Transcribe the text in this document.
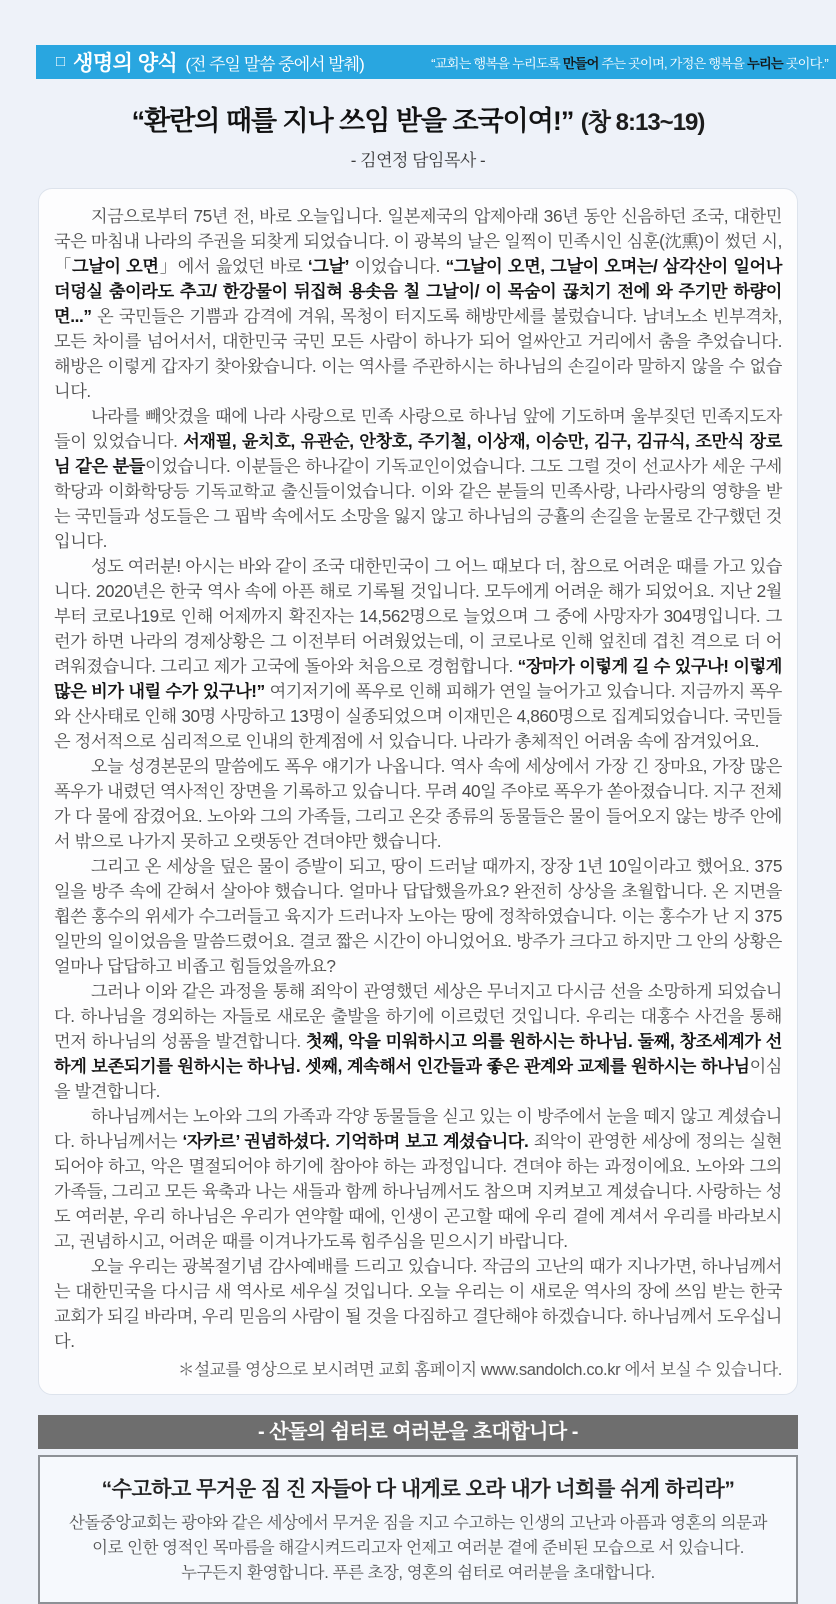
□ 생명의 양식 (전 주일 말씀 중에서 발췌)	“교회는 행복을 누리도록 만들어 주는 곳이며, 가정은 행복을 누리는 곳이다.”
“환란의 때를 지나 쓰임 받을 조국이여!” (창 8:13~19)
- 김연정 담임목사 -

지금으로부터 75년 전, 바로 오늘입니다. 일본제국의 압제아래 36년 동안 신음하던 조국, 대한민국은 마침내 나라의 주권을 되찾게 되었습니다. 이 광복의 날은 일찍이 민족시인 심훈(沈熏)이 썼던 시, 「그날이 오면」에서 읊었던 바로 ‘그날’ 이었습니다. “그날이 오면, 그날이 오며는/ 삼각산이 일어나 더덩실 춤이라도 추고/ 한강물이 뒤집혀 용솟음 칠 그날이/ 이 목숨이 끊치기 전에 와 주기만 하량이면...” 온 국민들은 기쁨과 감격에 겨워, 목청이 터지도록 해방만세를 불렀습니다. 남녀노소 빈부격차, 모든 차이를 넘어서서, 대한민국 국민 모든 사람이 하나가 되어 얼싸안고 거리에서 춤을 추었습니다. 해방은 이렇게 갑자기 찾아왔습니다. 이는 역사를 주관하시는 하나님의 손길이라 말하지 않을 수 없습니다.

나라를 빼앗겼을 때에 나라 사랑으로 민족 사랑으로 하나님 앞에 기도하며 울부짖던 민족지도자들이 있었습니다. 서재필, 윤치호, 유관순, 안창호, 주기철, 이상재, 이승만, 김구, 김규식, 조만식 장로님 같은 분들이었습니다. 이분들은 하나같이 기독교인이었습니다. 그도 그럴 것이 선교사가 세운 구세학당과 이화학당등 기독교학교 출신들이었습니다. 이와 같은 분들의 민족사랑, 나라사랑의 영향을 받는 국민들과 성도들은 그 핍박 속에서도 소망을 잃지 않고 하나님의 긍휼의 손길을 눈물로 간구했던 것입니다.

성도 여러분! 아시는 바와 같이 조국 대한민국이 그 어느 때보다 더, 참으로 어려운 때를 가고 있습니다. 2020년은 한국 역사 속에 아픈 해로 기록될 것입니다. 모두에게 어려운 해가 되었어요. 지난 2월부터 코로나19로 인해 어제까지 확진자는 14,562명으로 늘었으며 그 중에 사망자가 304명입니다. 그런가 하면 나라의 경제상황은 그 이전부터 어려웠었는데, 이 코로나로 인해 엎친데 겹친 격으로 더 어려워졌습니다. 그리고 제가 고국에 돌아와 처음으로 경험합니다. “장마가 이렇게 길 수 있구나! 이렇게 많은 비가 내릴 수가 있구나!” 여기저기에 폭우로 인해 피해가 연일 늘어가고 있습니다. 지금까지 폭우와 산사태로 인해 30명 사망하고 13명이 실종되었으며 이재민은 4,860명으로 집계되었습니다. 국민들은 정서적으로 심리적으로 인내의 한계점에 서 있습니다. 나라가 총체적인 어려움 속에 잠겨있어요.

오늘 성경본문의 말씀에도 폭우 얘기가 나옵니다. 역사 속에 세상에서 가장 긴 장마요, 가장 많은 폭우가 내렸던 역사적인 장면을 기록하고 있습니다. 무려 40일 주야로 폭우가 쏟아졌습니다. 지구 전체가 다 물에 잠겼어요. 노아와 그의 가족들, 그리고 온갖 종류의 동물들은 물이 들어오지 않는 방주 안에서 밖으로 나가지 못하고 오랫동안 견뎌야만 했습니다.

그리고 온 세상을 덮은 물이 증발이 되고, 땅이 드러날 때까지, 장장 1년 10일이라고 했어요. 375일을 방주 속에 갇혀서 살아야 했습니다. 얼마나 답답했을까요? 완전히 상상을 초월합니다. 온 지면을 휩쓴 홍수의 위세가 수그러들고 육지가 드러나자 노아는 땅에 정착하였습니다. 이는 홍수가 난 지 375일만의 일이었음을 말씀드렸어요. 결코 짧은 시간이 아니었어요. 방주가 크다고 하지만 그 안의 상황은 얼마나 답답하고 비좁고 힘들었을까요?

그러나 이와 같은 과정을 통해 죄악이 관영했던 세상은 무너지고 다시금 선을 소망하게 되었습니다. 하나님을 경외하는 자들로 새로운 출발을 하기에 이르렀던 것입니다. 우리는 대홍수 사건을 통해 먼저 하나님의 성품을 발견합니다. 첫째, 악을 미워하시고 의를 원하시는 하나님. 둘째, 창조세계가 선하게 보존되기를 원하시는 하나님. 셋째, 계속해서 인간들과 좋은 관계와 교제를 원하시는 하나님이심을 발견합니다.

하나님께서는 노아와 그의 가족과 각양 동물들을 싣고 있는 이 방주에서 눈을 떼지 않고 계셨습니다. 하나님께서는 ‘자카르’ 권념하셨다. 기억하며 보고 계셨습니다. 죄악이 관영한 세상에 정의는 실현되어야 하고, 악은 멸절되어야 하기에 참아야 하는 과정입니다. 견뎌야 하는 과정이에요. 노아와 그의 가족들, 그리고 모든 육축과 나는 새들과 함께 하나님께서도 참으며 지켜보고 계셨습니다. 사랑하는 성도 여러분, 우리 하나님은 우리가 연약할 때에, 인생이 곤고할 때에 우리 곁에 계셔서 우리를 바라보시고, 권념하시고, 어려운 때를 이겨나가도록 힘주심을 믿으시기 바랍니다.

오늘 우리는 광복절기념 감사예배를 드리고 있습니다. 작금의 고난의 때가 지나가면, 하나님께서는 대한민국을 다시금 새 역사로 세우실 것입니다. 오늘 우리는 이 새로운 역사의 장에 쓰임 받는 한국교회가 되길 바라며, 우리 믿음의 사람이 될 것을 다짐하고 결단해야 하겠습니다. 하나님께서 도우십니다.

＊설교를 영상으로 보시려면 교회 홈페이지 www.sandolch.co.kr 에서 보실 수 있습니다.
- 산돌의 쉼터로 여러분을 초대합니다 -
“수고하고 무거운 짐 진 자들아 다 내게로 오라 내가 너희를 쉬게 하리라”
산돌중앙교회는 광야와 같은 세상에서 무거운 짐을 지고 수고하는 인생의 고난과 아픔과 영혼의 의문과
이로 인한 영적인 목마름을 해갈시켜드리고자 언제고 여러분 곁에 준비된 모습으로 서 있습니다.
누구든지 환영합니다. 푸른 초장, 영혼의 쉼터로 여러분을 초대합니다.
